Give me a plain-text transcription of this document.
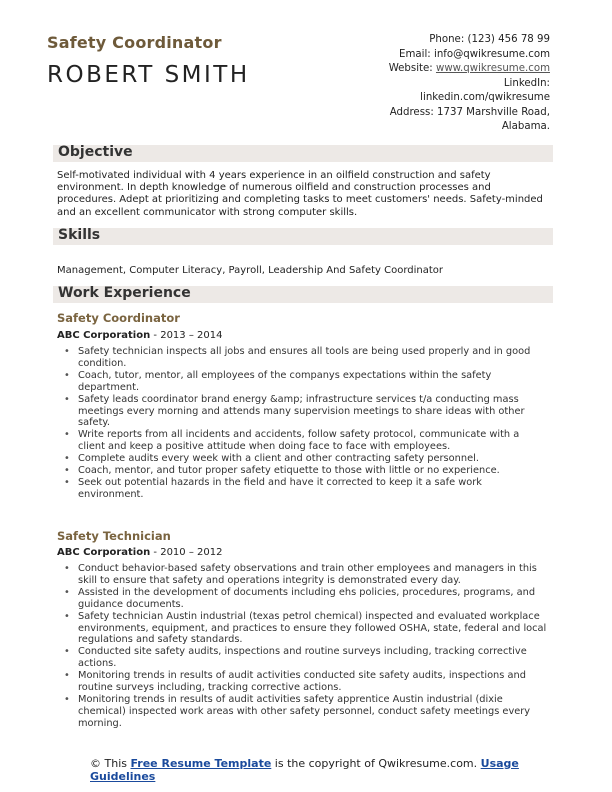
Safety Coordinator
ROBERT SMITH
Phone: (123) 456 78 99
Email: info@qwikresume.com
Website: www.qwikresume.com
LinkedIn:
linkedin.com/qwikresume
Address: 1737 Marshville Road,
Alabama.
Objective
Self-motivated individual with 4 years experience in an oilfield construction and safety environment. In depth knowledge of numerous oilfield and construction processes and procedures. Adept at prioritizing and completing tasks to meet customers' needs. Safety-minded and an excellent communicator with strong computer skills.
Skills
Management, Computer Literacy, Payroll, Leadership And Safety Coordinator
Work Experience
Safety Coordinator
ABC Corporation - 2013 – 2014
• Safety technician inspects all jobs and ensures all tools are being used properly and in good condition.
• Coach, tutor, mentor, all employees of the companys expectations within the safety department.
• Safety leads coordinator brand energy &amp; infrastructure services t/a conducting mass meetings every morning and attends many supervision meetings to share ideas with other safety.
• Write reports from all incidents and accidents, follow safety protocol, communicate with a client and keep a positive attitude when doing face to face with employees.
• Complete audits every week with a client and other contracting safety personnel.
• Coach, mentor, and tutor proper safety etiquette to those with little or no experience.
• Seek out potential hazards in the field and have it corrected to keep it a safe work environment.
Safety Technician
ABC Corporation - 2010 – 2012
• Conduct behavior-based safety observations and train other employees and managers in this skill to ensure that safety and operations integrity is demonstrated every day.
• Assisted in the development of documents including ehs policies, procedures, programs, and guidance documents.
• Safety technician Austin industrial (texas petrol chemical) inspected and evaluated workplace environments, equipment, and practices to ensure they followed OSHA, state, federal and local regulations and safety standards.
• Conducted site safety audits, inspections and routine surveys including, tracking corrective actions.
• Monitoring trends in results of audit activities conducted site safety audits, inspections and routine surveys including, tracking corrective actions.
• Monitoring trends in results of audit activities safety apprentice Austin industrial (dixie chemical) inspected work areas with other safety personnel, conduct safety meetings every morning.
© This Free Resume Template is the copyright of Qwikresume.com. Usage Guidelines
